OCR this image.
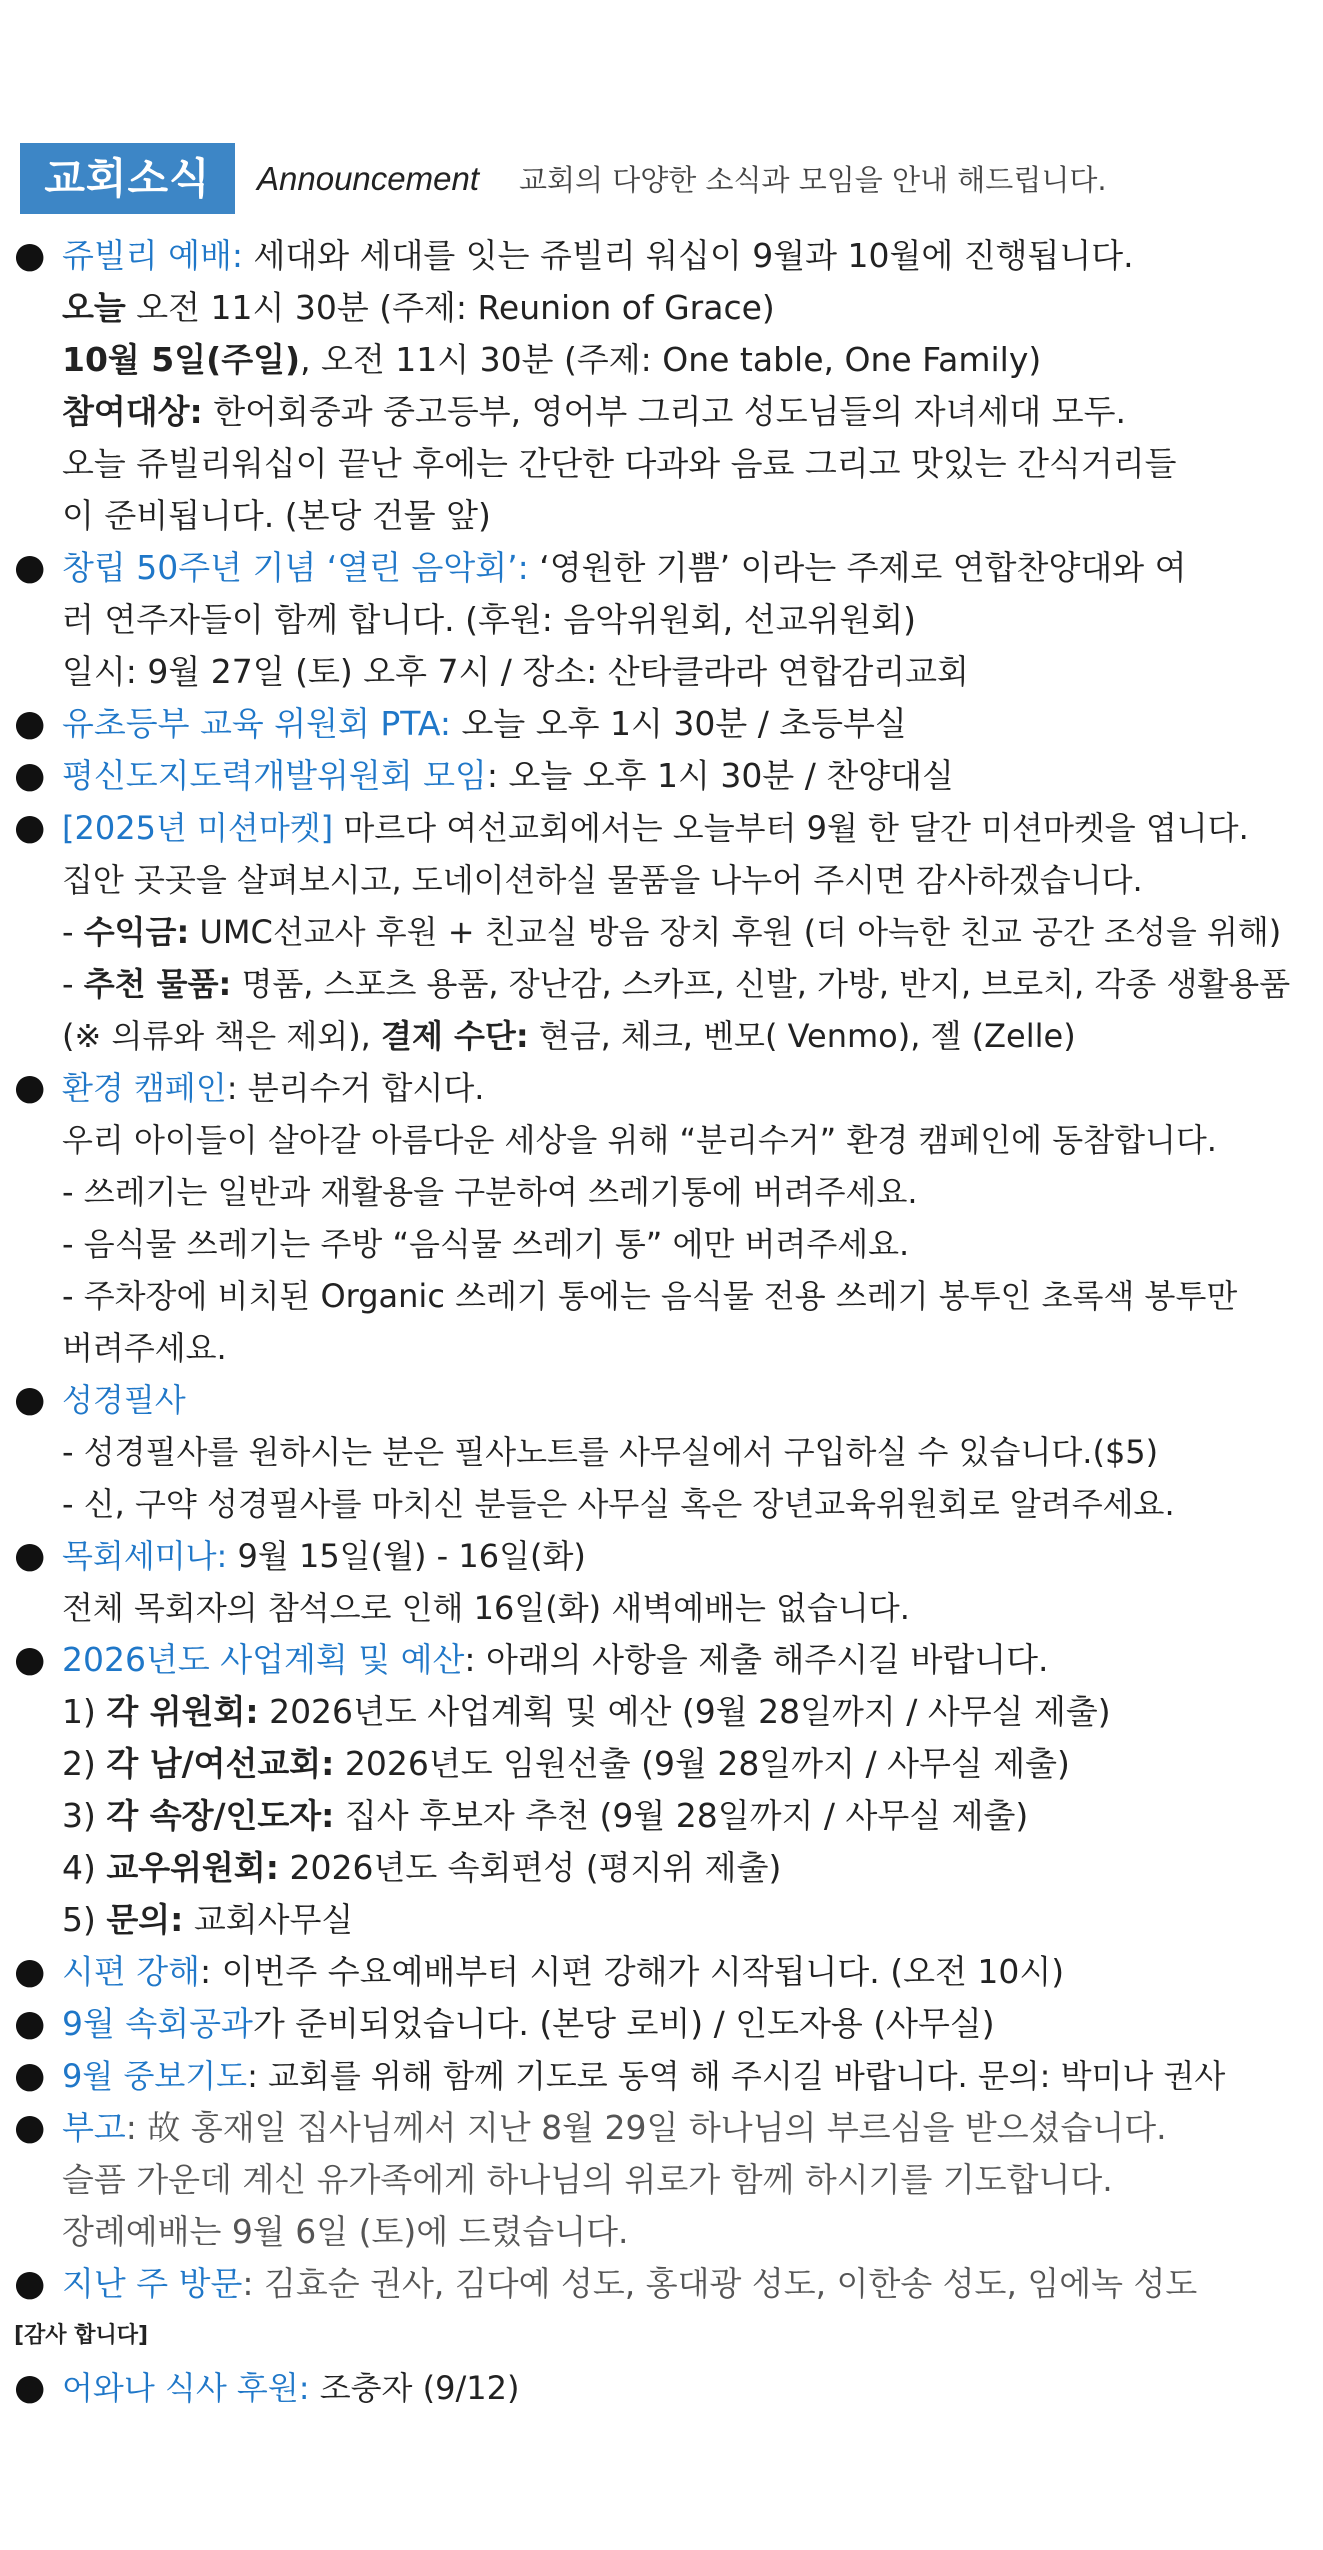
교회소식	Announcement 교회의 다양한 소식과 모임을 안내 해드립니다.
● 쥬빌리 예배: 세대와 세대를 잇는 쥬빌리 워십이 9월과 10월에 진행됩니다.
오늘 오전 11시 30분 (주제: Reunion of Grace)
10월 5일(주일), 오전 11시 30분 (주제: One table, One Family)
참여대상: 한어회중과 중고등부, 영어부 그리고 성도님들의 자녀세대 모두.
오늘 쥬빌리워십이 끝난 후에는 간단한 다과와 음료 그리고 맛있는 간식거리들
이 준비됩니다. (본당 건물 앞)
● 창립 50주년 기념 ‘열린 음악회’: ‘영원한 기쁨’ 이라는 주제로 연합찬양대와 여
러 연주자들이 함께 합니다. (후원: 음악위원회, 선교위원회)
일시: 9월 27일 (토) 오후 7시 / 장소: 산타클라라 연합감리교회
● 유초등부 교육 위원회 PTA: 오늘 오후 1시 30분 / 초등부실
● 평신도지도력개발위원회 모임: 오늘 오후 1시 30분 / 찬양대실
● [2025년 미션마켓] 마르다 여선교회에서는 오늘부터 9월 한 달간 미션마켓을 엽니다.
집안 곳곳을 살펴보시고, 도네이션하실 물품을 나누어 주시면 감사하겠습니다.
- 수익금: UMC선교사 후원 + 친교실 방음 장치 후원 (더 아늑한 친교 공간 조성을 위해)
- 추천 물품: 명품, 스포츠 용품, 장난감, 스카프, 신발, 가방, 반지, 브로치, 각종 생활용품
(※ 의류와 책은 제외), 결제 수단: 현금, 체크, 벤모( Venmo), 젤 (Zelle)
● 환경 캠페인: 분리수거 합시다.
우리 아이들이 살아갈 아름다운 세상을 위해 “분리수거” 환경 캠페인에 동참합니다.
- 쓰레기는 일반과 재활용을 구분하여 쓰레기통에 버려주세요.
- 음식물 쓰레기는 주방 “음식물 쓰레기 통” 에만 버려주세요.
- 주차장에 비치된 Organic 쓰레기 통에는 음식물 전용 쓰레기 봉투인 초록색 봉투만
버려주세요.
● 성경필사
- 성경필사를 원하시는 분은 필사노트를 사무실에서 구입하실 수 있습니다.($5)
- 신, 구약 성경필사를 마치신 분들은 사무실 혹은 장년교육위원회로 알려주세요.
● 목회세미나: 9월 15일(월) - 16일(화)
전체 목회자의 참석으로 인해 16일(화) 새벽예배는 없습니다.
● 2026년도 사업계획 및 예산: 아래의 사항을 제출 해주시길 바랍니다.
1) 각 위원회: 2026년도 사업계획 및 예산 (9월 28일까지 / 사무실 제출)
2) 각 남/여선교회: 2026년도 임원선출 (9월 28일까지 / 사무실 제출)
3) 각 속장/인도자: 집사 후보자 추천 (9월 28일까지 / 사무실 제출)
4) 교우위원회: 2026년도 속회편성 (평지위 제출)
5) 문의: 교회사무실
● 시편 강해: 이번주 수요예배부터 시편 강해가 시작됩니다. (오전 10시)
● 9월 속회공과가 준비되었습니다. (본당 로비) / 인도자용 (사무실)
● 9월 중보기도: 교회를 위해 함께 기도로 동역 해 주시길 바랍니다. 문의: 박미나 권사
● 부고: 故 홍재일 집사님께서 지난 8월 29일 하나님의 부르심을 받으셨습니다.
슬픔 가운데 계신 유가족에게 하나님의 위로가 함께 하시기를 기도합니다.
장례예배는 9월 6일 (토)에 드렸습니다.
● 지난 주 방문: 김효순 권사, 김다예 성도, 홍대광 성도, 이한송 성도, 임에녹 성도
[감사 합니다]
● 어와나 식사 후원: 조충자 (9/12)
